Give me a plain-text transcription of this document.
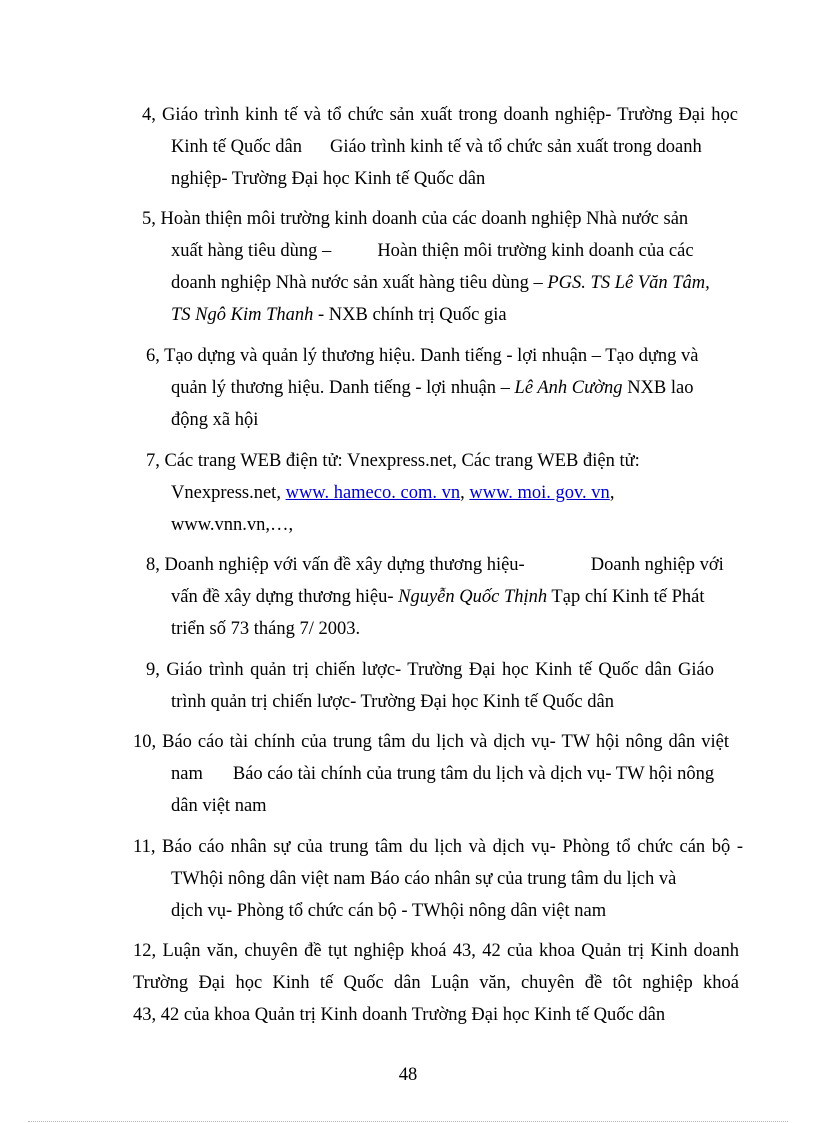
4, Giáo trình kinh tế và tổ chức sản xuất trong doanh nghiệp- Trường Đại học
Kinh tế Quốc dân Giáo trình kinh tế và tổ chức sản xuất trong doanh
nghiệp- Trường Đại học Kinh tế Quốc dân
5, Hoàn thiện môi trường kinh doanh của các doanh nghiệp Nhà nước sản
xuất hàng tiêu dùng – Hoàn thiện môi trường kinh doanh của các
doanh nghiệp Nhà nước sản xuất hàng tiêu dùng – PGS. TS Lê Văn Tâm,
TS Ngô Kim Thanh - NXB chính trị Quốc gia
6, Tạo dựng và quản lý thương hiệu. Danh tiếng - lợi nhuận – Tạo dựng và
quản lý thương hiệu. Danh tiếng - lợi nhuận – Lê Anh Cường NXB lao
động xã hội
7, Các trang WEB điện tử: Vnexpress.net, Các trang WEB điện tử:
Vnexpress.net, www. hameco. com. vn, www. moi. gov. vn,
www.vnn.vn,…,
8, Doanh nghiệp với vấn đề xây dựng thương hiệu-	Doanh nghiệp với
vấn đề xây dựng thương hiệu- Nguyễn Quốc Thịnh Tạp chí Kinh tế Phát
triển số 73 tháng 7/ 2003.
9, Giáo trình quản trị chiến lược- Trường Đại học Kinh tế Quốc dân Giáo
trình quản trị chiến lược- Trường Đại học Kinh tế Quốc dân
10, Báo cáo tài chính của trung tâm du lịch và dịch vụ- TW hội nông dân việt
nam Báo cáo tài chính của trung tâm du lịch và dịch vụ- TW hội nông
dân việt nam
11, Báo cáo nhân sự của trung tâm du lịch và dịch vụ- Phòng tổ chức cán bộ -
TWhội nông dân việt nam Báo cáo nhân sự của trung tâm du lịch và
dịch vụ- Phòng tổ chức cán bộ - TWhội nông dân việt nam
12, Luận văn, chuyên đề tụt nghiệp khoá 43, 42 của khoa Quản trị Kinh doanh
Trường Đại học Kinh tế Quốc dân Luận văn, chuyên đề tôt nghiệp khoá
43, 42 của khoa Quản trị Kinh doanh Trường Đại học Kinh tế Quốc dân
48
